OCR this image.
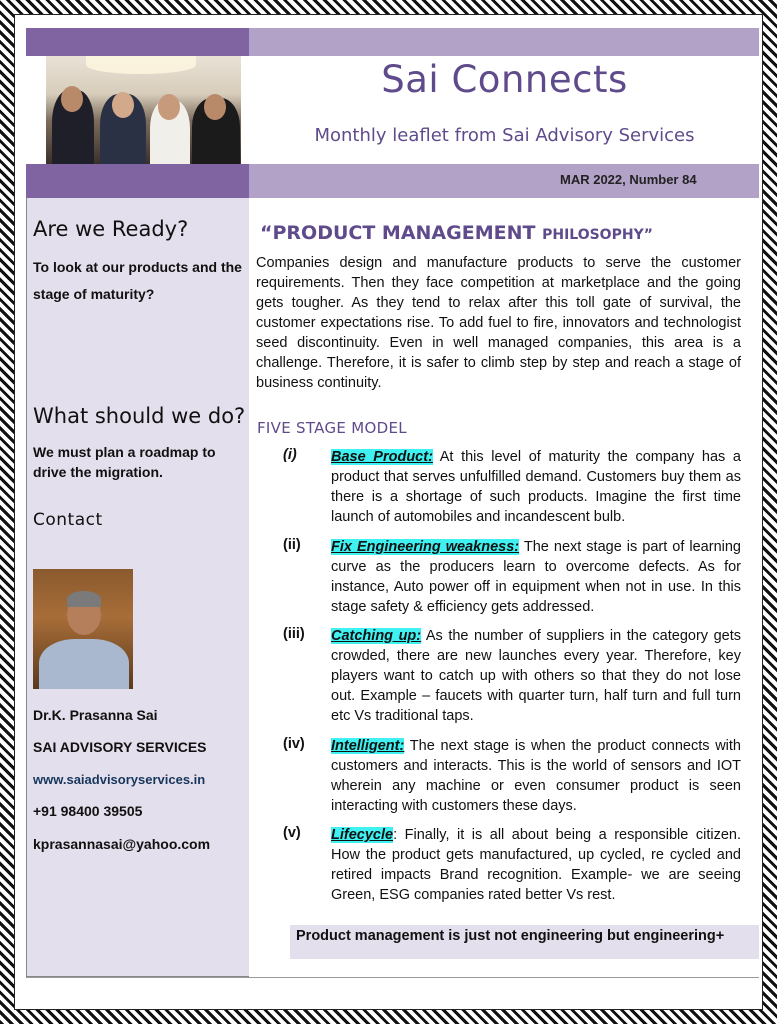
Sai Connects
Monthly leaflet from Sai Advisory Services
MAR 2022, Number 84
Are we Ready?
To look at our products and the stage of maturity?
What should we do?
We must plan a roadmap to drive the migration.
Contact
Dr.K. Prasanna Sai
SAI ADVISORY SERVICES
www.saiadvisoryservices.in
+91 98400 39505
kprasannasai@yahoo.com
“PRODUCT MANAGEMENT PHILOSOPHY”
Companies design and manufacture products to serve the customer requirements. Then they face competition at marketplace and the going gets tougher. As they tend to relax after this toll gate of survival, the customer expectations rise. To add fuel to fire, innovators and technologist seed discontinuity. Even in well managed companies, this area is a challenge. Therefore, it is safer to climb step by step and reach a stage of business continuity.
FIVE STAGE MODEL
(i) Base Product: At this level of maturity the company has a product that serves unfulfilled demand. Customers buy them as there is a shortage of such products. Imagine the first time launch of automobiles and incandescent bulb.
(ii) Fix Engineering weakness: The next stage is part of learning curve as the producers learn to overcome defects. As for instance, Auto power off in equipment when not in use. In this stage safety & efficiency gets addressed.
(iii) Catching up: As the number of suppliers in the category gets crowded, there are new launches every year. Therefore, key players want to catch up with others so that they do not lose out. Example – faucets with quarter turn, half turn and full turn etc Vs traditional taps.
(iv) Intelligent: The next stage is when the product connects with customers and interacts. This is the world of sensors and IOT wherein any machine or even consumer product is seen interacting with customers these days.
(v) Lifecycle: Finally, it is all about being a responsible citizen. How the product gets manufactured, up cycled, re cycled and retired impacts Brand recognition. Example- we are seeing Green, ESG companies rated better Vs rest.
Product management is just not engineering but engineering+
